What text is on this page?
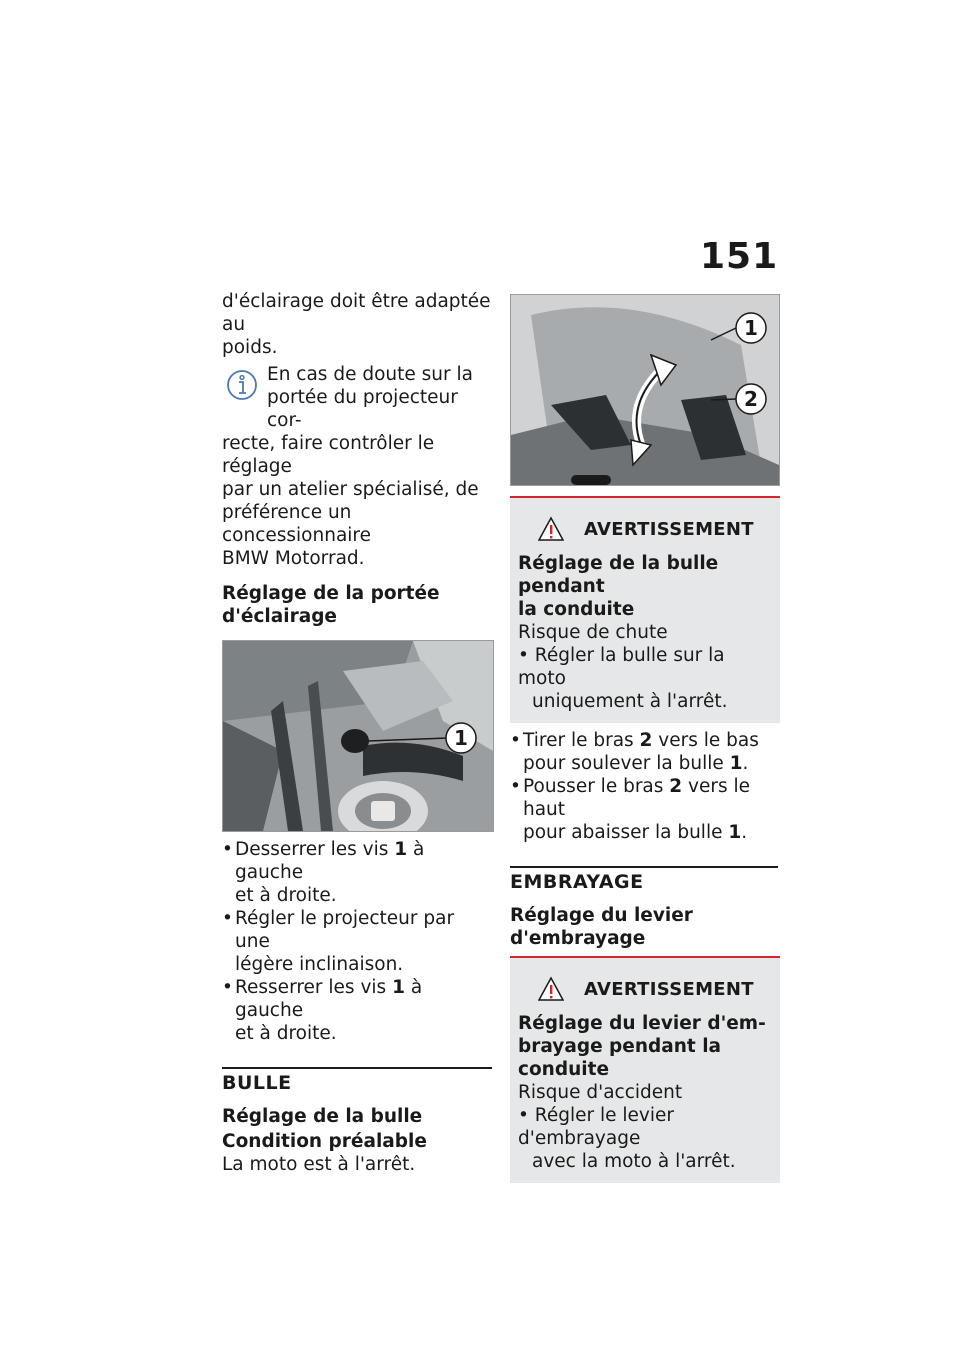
151

d'éclairage doit être adaptée au

poids.

En cas de doute sur la

portée du projecteur cor-

recte, faire contrôler le réglage

par un atelier spécialisé, de

préférence un concessionnaire

BMW Motorrad.

Réglage de la portée

d'éclairage

1
• Desserrer les vis 1 à gauche
et à droite.
• Régler le projecteur par une
légère inclinaison.
• Resserrer les vis 1 à gauche
et à droite.

BULLE

Réglage de la bulle

Condition préalable

La moto est à l'arrêt.

1
2
AVERTISSEMENT

Réglage de la bulle pendant

la conduite

Risque de chute

• Régler la bulle sur la moto

uniquement à l'arrêt.

• Tirer le bras 2 vers le bas
pour soulever la bulle 1.
• Pousser le bras 2 vers le haut
pour abaisser la bulle 1.

EMBRAYAGE

Réglage du levier

d'embrayage

AVERTISSEMENT

Réglage du levier d'em-

brayage pendant la conduite

Risque d'accident

• Régler le levier d'embrayage

avec la moto à l'arrêt.
